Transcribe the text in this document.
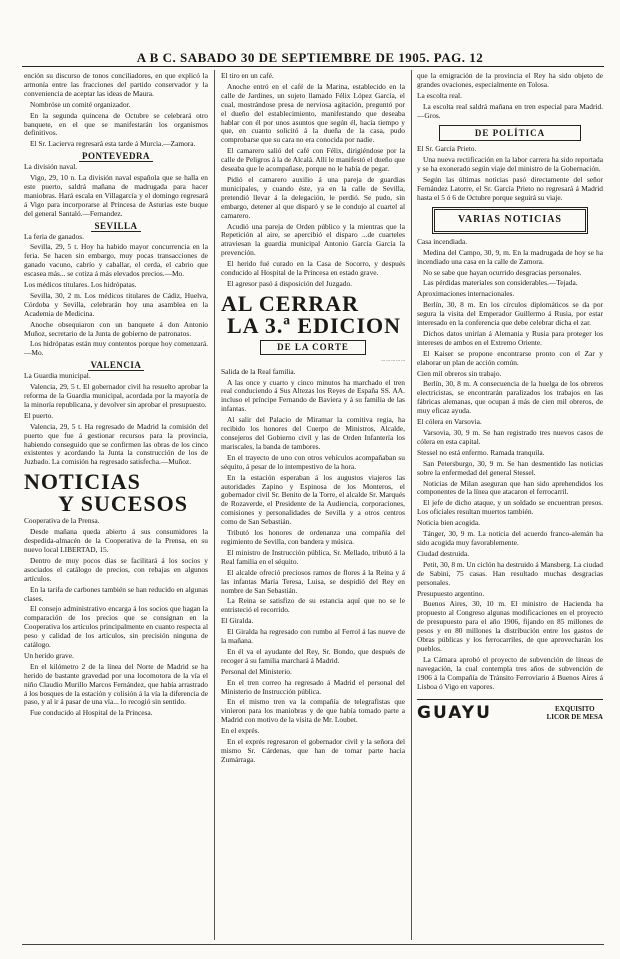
A B C. SABADO 30 DE SEPTIEMBRE DE 1905. PAG. 12

ención su discurso de tonos conciliadores, en que explicó la armonía entre las fracciones del partido conservador y la conveniencia de aceptar las ideas de Maura.

Nombróse un comité organizador.

En la segunda quincena de Octubre se celebrará otro banquete, en el que se manifestarán los organismos definitivos.

El Sr. Lacierva regresará esta tarde á Murcia.—Zamora.

PONTEVEDRA

La división naval.

Vigo, 29, 10 n. La división naval española que se halla en este puerto, saldrá mañana de madrugada para hacer maniobras. Hará escala en Villagarcía y el domingo regresará á Vigo para incorporarse al Princesa de Asturias este buque del general Santaló.—Fernandez.

SEVILLA

La feria de ganados.

Sevilla, 29, 5 t. Hoy ha habido mayor concurrencia en la feria. Se hacen sin embargo, muy pocas transacciones de ganado vacuno, cabrío y caballar, el cerda, el cabrio que escasea más... se cotiza á más elevados precios.—Mo.

Los médicos titulares. Los hidrópatas.

Sevilla, 30, 2 m. Los médicos titulares de Cádiz, Huelva, Córdoba y Sevilla, celebrarán hoy una asamblea en la Academia de Medicina.

Anoche obsequiaron con un banquete á don Antonio Muñoz, secretario de la Junta de gobierno de patronatos.

Los hidrópatas están muy contentos porque hoy comenzará.—Mo.

VALENCIA

La Guardia municipal.

Valencia, 29, 5 t. El gobernador civil ha resuelto aprobar la reforma de la Guardia municipal, acordada por la mayoría de la minoría republicana, y devolver sin aprobar el presupuesto.

El puerto.

Valencia, 29, 5 t. Ha regresado de Madrid la comisión del puerto que fue á gestionar recursos para la provincia, habiendo conseguido que se confirmen las obras de los cinco existentes y acordando la Junta la construcción de los de Juzbado. La comisión ha regresado satisfecha.—Muñoz.

NOTICIAS
Y SUCESOS

Cooperativa de la Prensa.

Desde mañana queda abierto á sus consumidores la despedida-almacén de la Cooperativa de la Prensa, en su nuevo local LIBERTAD, 15.

Dentro de muy pocos días se facilitará á los socios y asociados el catálogo de precios, con rebajas en algunos artículos.

En la tarifa de carbones también se han reducido en algunas clases.

El consejo administrativo encarga á los socios que hagan la comparación de los precios que se consignan en la Cooperativa los artículos principalmente en cuanto respecta al peso y calidad de los artículos, sin precisión ninguna de catálogo.

Un herido grave.

En el kilómetro 2 de la línea del Norte de Madrid se ha herido de bastante gravedad por una locomotora de la vía el niño Claudio Murillo Marcos Fernández, que había arrastrado á los bosques de la estación y colisión á la vía la diferencia de paso, y al ir á pasar de una vía... lo recogió sin sentido.

Fue conducido al Hospital de la Princesa.

El tiro en un café.

Anoche entró en el café de la Marina, establecido en la calle de Jardines, un sujeto llamado Félix López García, el cual, mostrándose presa de nerviosa agitación, preguntó por el dueño del establecimiento, manifestando que deseaba hablar con él por unos asuntos que según él, hacía tiempo y que, en cuanto solicitó á la dueña de la casa, pudo comprobarse que su cara no era conocida por nadie.

El camarero salió del café con Félix, dirigiéndose por la calle de Peligros á la de Alcalá. Allí le manifestó el dueño que deseaba que le acompañase, porque no le había de pegar.

Pidió el camarero auxilio á una pareja de guardias municipales, y cuando éste, ya en la calle de Sevilla, pretendió llevar á la delegación, le perdió. Se pudo, sin embargo, detener al que disparó y se le condujo al cuartel al camarero.

Acudió una pareja de Orden público y la mientras que la Repetición al aire, se apercibió el disparo ...de cuarteles atraviesan la guardia municipal Antonio García García la prevención.

El herido fué curado en la Casa de Socorro, y después conducido al Hospital de la Princesa en estado grave.

El agresor pasó á disposición del Juzgado.

AL CERRAR
LA 3.ª EDICION
DE LA CORTE
... ... ... ... ...

Salida de la Real familia.

A las once y cuarto y cinco minutos ha marchado el tren real conduciendo á Sus Altezas los Reyes de España SS. AA. incluso el príncipe Fernando de Baviera y á su familia de las infantas.

Al salir del Palacio de Miramar la comitiva regia, ha recibido los honores del Cuerpo de Ministros, Alcalde, consejeros del Gobierno civil y las de Orden Infantería los mariscales, la banda de tambores.

En el trayecto de uno con otros vehículos acompañaban su séquito, á pesar de lo intempestivo de la hora.

En la estación esperaban á los augustos viajeros las autoridades Zapino y Espinosa de los Monteros, el gobernador civil Sr. Benito de la Torre, el alcalde Sr. Marqués de Rozaverde, el Presidente de la Audiencia, corporaciones, comisiones y personalidades de Sevilla y a otros centros como de San Sebastián.

Tributó los honores de ordenanza una compañía del regimiento de Sevilla, con bandera y música.

El ministro de Instrucción pública, Sr. Mellado, tributó á la Real familia en el séquito.

El alcalde ofreció preciosos ramos de flores á la Reina y á las infantas María Teresa, Luisa, se despidió del Rey en nombre de San Sebastián.

La Reina se satisfizo de su estancia aquí que no se le entristeció el recorrido.

El Giralda.

El Giralda ha regresado con rumbo al Ferrol á las nueve de la mañana.

En él va el ayudante del Rey, Sr. Bondo, que después de recoger á su familia marchará á Madrid.

Personal del Ministerio.

En el tren correo ha regresado á Madrid el personal del Ministerio de Instrucción pública.

En el mismo tren va la compañía de telegrafistas que vinieron para los maniobras y de que había tomado parte a Madrid con motivo de la visita de Mr. Loubet.

En el exprés.

En el exprés regresaron el gobernador civil y la señora del mismo Sr. Cárdenas, que han de tomar parte hacia Zumárraga.

que la emigración de la provincia el Rey ha sido objeto de grandes ovaciones, especialmente en Tolosa.

La escolta real.

La escolta real saldrá mañana en tren especial para Madrid.—Gros.

DE POLÍTICA

El Sr. García Prieto.

Una nueva rectificación en la labor carrera ha sido reportada y se ha exonerado según viaje del ministro de la Gobernación.

Según las últimas noticias pasó directamente del señor Fernández Latorre, el Sr. García Prieto no regresará á Madrid hasta el 5 ó 6 de Octubre porque seguirá su viaje.

VARIAS NOTICIAS

Casa incendiada.

Medina del Campo, 30, 9, m. En la madrugada de hoy se ha incendiado una casa en la calle de Zamora.

No se sabe que hayan ocurrido desgracias personales.

Las pérdidas materiales son considerables.—Tejada.

Aproximaciones internacionales.

Berlín, 30, 8 m. En los círculos diplomáticos se da por segura la visita del Emperador Guillermo á Rusia, por estar interesado en la conferencia que debe celebrar dicha el zar.

Dichos datos unirían á Alemania y Rusia para proteger los intereses de ambos en el Extremo Oriente.

El Kaiser se propone encontrarse pronto con el Zar y elaborar un plan de acción común.

Cien mil obreros sin trabajo.

Berlín, 30, 8 m. A consecuencia de la huelga de los obreros electricistas, se encontrarán paralizados los trabajos en las fábricas alemanas, que ocupan á más de cien mil obreros, de muy eficaz ayuda.

El cólera en Varsovia.

Varsovia, 30, 9 m. Se han registrado tres nuevos casos de cólera en esta capital.

Stessel no está enfermo. Ramada tranquila.

San Petersburgo, 30, 9 m. Se han desmentido las noticias sobre la enfermedad del general Stessel.

Noticias de Milan aseguran que han sido aprehendidos los componentes de la línea que atacaron el ferrocarril.

El jefe de dicho ataque, y un soldado se encuentran presos. Los oficiales resultan muertos también.

Noticia bien acogida.

Tánger, 30, 9 m. La noticia del acuerdo franco-alemán ha sido acogida muy favorablemente.

Ciudad destruida.

Petit, 30, 8 m. Un ciclón ha destruido á Mansberg. La ciudad de Sabini, 75 casas. Han resultado muchas desgracias personales.

Presupuesto argentino.

Buenos Aires, 30, 10 m. El ministro de Hacienda ha propuesto al Congreso algunas modificaciones en el proyecto de presupuesto para el año 1906, fijando en 85 millones de pesos y en 80 millones la distribución entre los gastos de Obras públicas y los ferrocarriles, de que aprovecharán los pueblos.

La Cámara aprobó el proyecto de subvención de líneas de navegación, la cual contempla tres años de subvención de 1906 á la Compañía de Tránsito Ferroviario á Buenos Aires á Lisboa ó Vigo en vapores.

GUAYU	EXQUISITO
LICOR DE MESA
